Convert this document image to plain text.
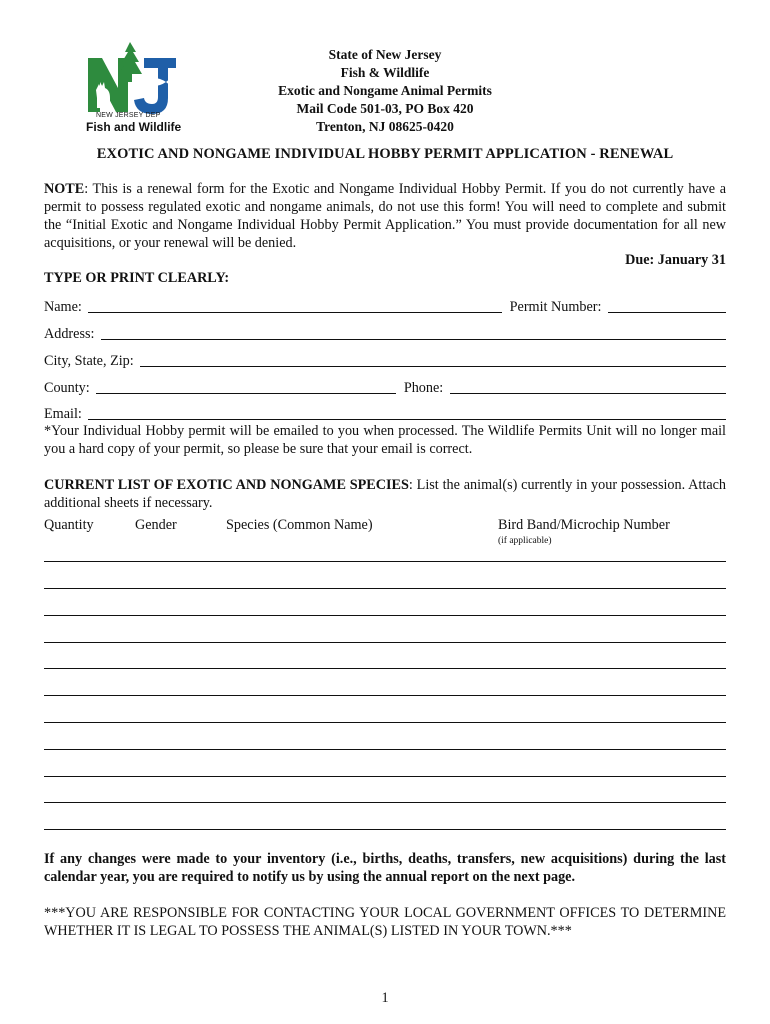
NEW JERSEY DEP
Fish and Wildlife
State of New Jersey
Fish & Wildlife
Exotic and Nongame Animal Permits
Mail Code 501-03, PO Box 420
Trenton, NJ 08625-0420
EXOTIC AND NONGAME INDIVIDUAL HOBBY PERMIT APPLICATION - RENEWAL
NOTE: This is a renewal form for the Exotic and Nongame Individual Hobby Permit. If you do not currently have a permit to possess regulated exotic and nongame animals, do not use this form! You will need to complete and submit the “Initial Exotic and Nongame Individual Hobby Permit Application.” You must provide documentation for all new acquisitions, or your renewal will be denied.
Due: January 31
TYPE OR PRINT CLEARLY:
Name:	Permit Number:
Address:
City, State, Zip:
County:	Phone:
Email:
*Your Individual Hobby permit will be emailed to you when processed. The Wildlife Permits Unit will no longer mail you a hard copy of your permit, so please be sure that your email is correct.
CURRENT LIST OF EXOTIC AND NONGAME SPECIES: List the animal(s) currently in your possession. Attach additional sheets if necessary.
Quantity	Gender	Species (Common Name)	Bird Band/Microchip Number
(if applicable)
If any changes were made to your inventory (i.e., births, deaths, transfers, new acquisitions) during the last calendar year, you are required to notify us by using the annual report on the next page.
***YOU ARE RESPONSIBLE FOR CONTACTING YOUR LOCAL GOVERNMENT OFFICES TO DETERMINE WHETHER IT IS LEGAL TO POSSESS THE ANIMAL(S) LISTED IN YOUR TOWN.***
1
